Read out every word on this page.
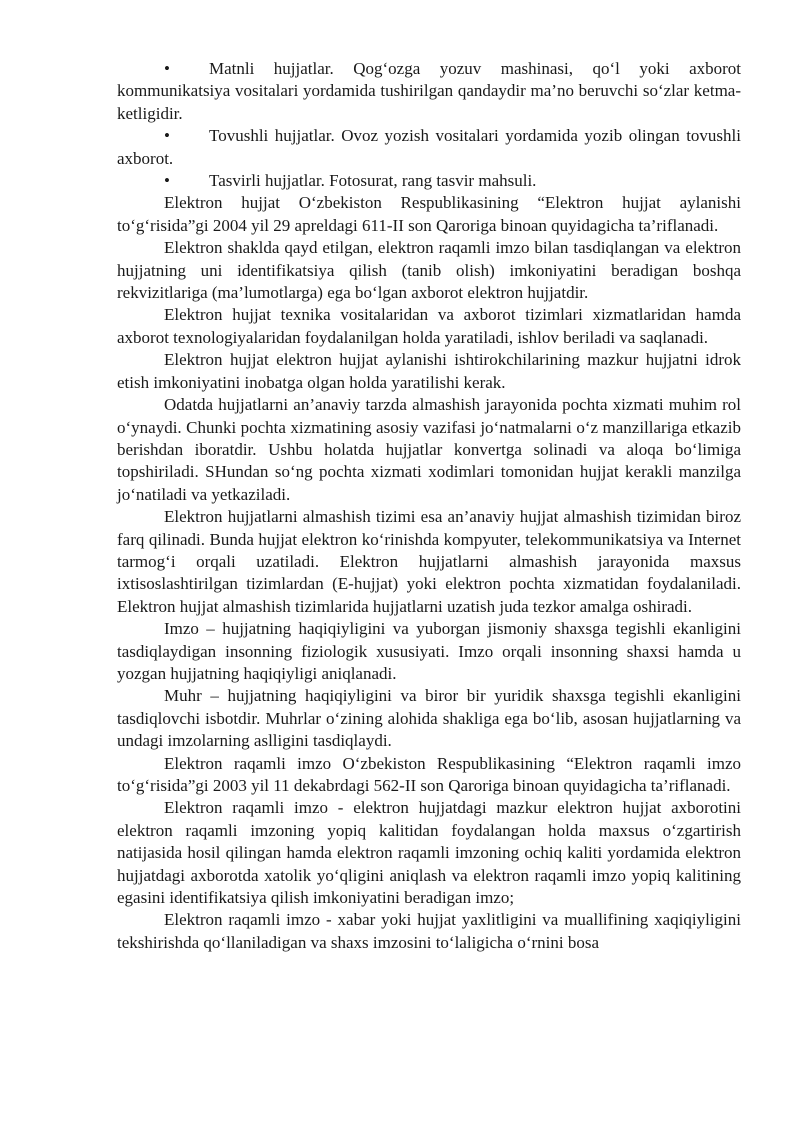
• Matnli hujjatlar. Qog‘ozga yozuv mashinasi, qo‘l yoki axborot kommunikatsiya vositalari yordamida tushirilgan qandaydir ma’no beruvchi so‘zlar ketma-ketligidir.

• Tovushli hujjatlar. Ovoz yozish vositalari yordamida yozib olingan tovushli axborot.

• Tasvirli hujjatlar. Fotosurat, rang tasvir mahsuli.

Elektron hujjat O‘zbekiston Respublikasining “Elektron hujjat aylanishi to‘g‘risida”gi 2004 yil 29 apreldagi 611-II son Qaroriga binoan quyidagicha ta’riflanadi.

Elektron shaklda qayd etilgan, elektron raqamli imzo bilan tasdiqlangan va elektron hujjatning uni identifikatsiya qilish (tanib olish) imkoniyatini beradigan boshqa rekvizitlariga (ma’lumotlarga) ega bo‘lgan axborot elektron hujjatdir.

Elektron hujjat texnika vositalaridan va axborot tizimlari xizmatlaridan hamda axborot texnologiyalaridan foydalanilgan holda yaratiladi, ishlov beriladi va saqlanadi.

Elektron hujjat elektron hujjat aylanishi ishtirokchilarining mazkur hujjatni idrok etish imkoniyatini inobatga olgan holda yaratilishi kerak.

Odatda hujjatlarni an’anaviy tarzda almashish jarayonida pochta xizmati muhim rol o‘ynaydi. Chunki pochta xizmatining asosiy vazifasi jo‘natmalarni o‘z manzillariga etkazib berishdan iboratdir. Ushbu holatda hujjatlar konvertga solinadi va aloqa bo‘limiga topshiriladi. SHundan so‘ng pochta xizmati xodimlari tomonidan hujjat kerakli manzilga jo‘natiladi va yetkaziladi.

Elektron hujjatlarni almashish tizimi esa an’anaviy hujjat almashish tizimidan biroz farq qilinadi. Bunda hujjat elektron ko‘rinishda kompyuter, telekommunikatsiya va Internet tarmog‘i orqali uzatiladi. Elektron hujjatlarni almashish jarayonida maxsus ixtisoslashtirilgan tizimlardan (E-hujjat) yoki elektron pochta xizmatidan foydalaniladi. Elektron hujjat almashish tizimlarida hujjatlarni uzatish juda tezkor amalga oshiradi.

Imzo – hujjatning haqiqiyligini va yuborgan jismoniy shaxsga tegishli ekanligini tasdiqlaydigan insonning fiziologik xususiyati. Imzo orqali insonning shaxsi hamda u yozgan hujjatning haqiqiyligi aniqlanadi.

Muhr – hujjatning haqiqiyligini va biror bir yuridik shaxsga tegishli ekanligini tasdiqlovchi isbotdir. Muhrlar o‘zining alohida shakliga ega bo‘lib, asosan hujjatlarning va undagi imzolarning aslligini tasdiqlaydi.

Elektron raqamli imzo O‘zbekiston Respublikasining “Elektron raqamli imzo to‘g‘risida”gi 2003 yil 11 dekabrdagi 562-II son Qaroriga binoan quyidagicha ta’riflanadi.

Elektron raqamli imzo - elektron hujjatdagi mazkur elektron hujjat axborotini elektron raqamli imzoning yopiq kalitidan foydalangan holda maxsus o‘zgartirish natijasida hosil qilingan hamda elektron raqamli imzoning ochiq kaliti yordamida elektron hujjatdagi axborotda xatolik yo‘qligini aniqlash va elektron raqamli imzo yopiq kalitining egasini identifikatsiya qilish imkoniyatini beradigan imzo;

Elektron raqamli imzo - xabar yoki hujjat yaxlitligini va muallifining xaqiqiyligini tekshirishda qo‘llaniladigan va shaxs imzosini to‘laligicha o‘rnini bosa
